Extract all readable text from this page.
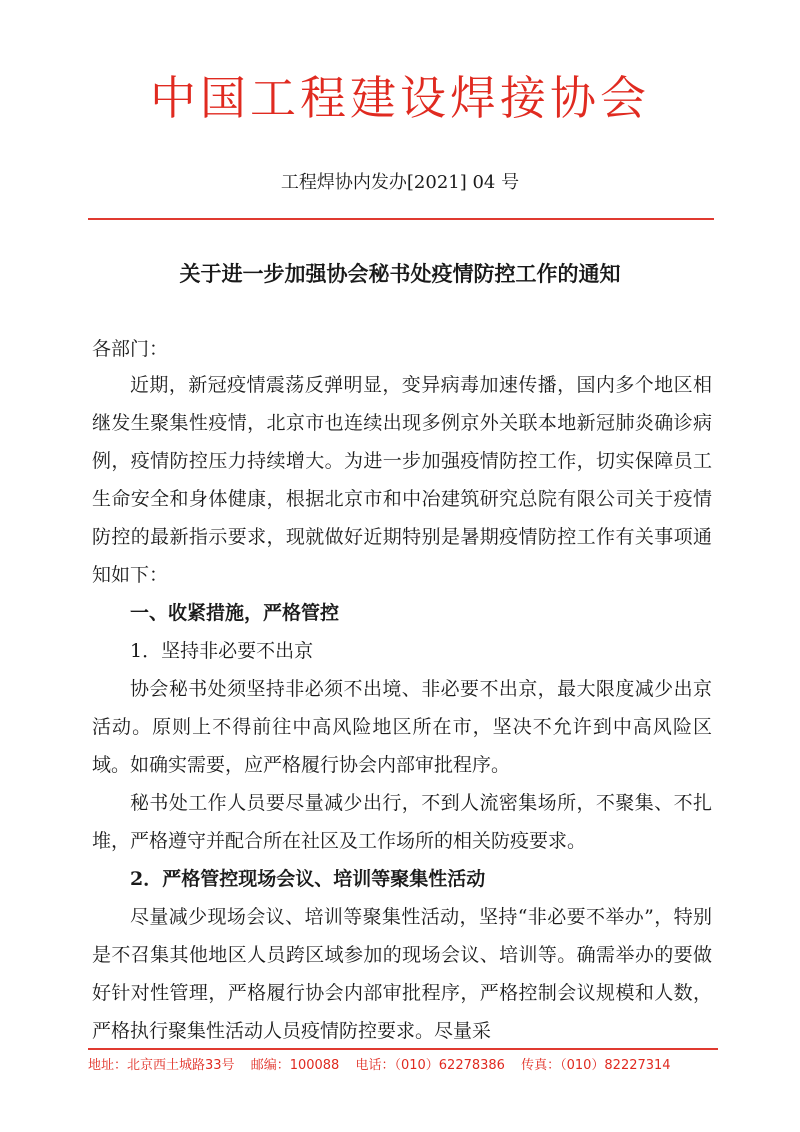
中国工程建设焊接协会
工程焊协内发办[2021] 04 号
关于进一步加强协会秘书处疫情防控工作的通知

各部门：

近期，新冠疫情震荡反弹明显，变异病毒加速传播，国内多个地区相继发生聚集性疫情，北京市也连续出现多例京外关联本地新冠肺炎确诊病例，疫情防控压力持续增大。为进一步加强疫情防控工作，切实保障员工生命安全和身体健康，根据北京市和中冶建筑研究总院有限公司关于疫情防控的最新指示要求，现就做好近期特别是暑期疫情防控工作有关事项通知如下：

一、收紧措施，严格管控

1．坚持非必要不出京

协会秘书处须坚持非必须不出境、非必要不出京，最大限度减少出京活动。原则上不得前往中高风险地区所在市，坚决不允许到中高风险区域。如确实需要，应严格履行协会内部审批程序。

秘书处工作人员要尽量减少出行，不到人流密集场所，不聚集、不扎堆，严格遵守并配合所在社区及工作场所的相关防疫要求。

2．严格管控现场会议、培训等聚集性活动

尽量减少现场会议、培训等聚集性活动，坚持“非必要不举办”，特别是不召集其他地区人员跨区域参加的现场会议、培训等。确需举办的要做好针对性管理，严格履行协会内部审批程序，严格控制会议规模和人数，严格执行聚集性活动人员疫情防控要求。尽量采

地址：北京西土城路33号 邮编：100088 电话：（010）62278386 传真：（010）82227314
